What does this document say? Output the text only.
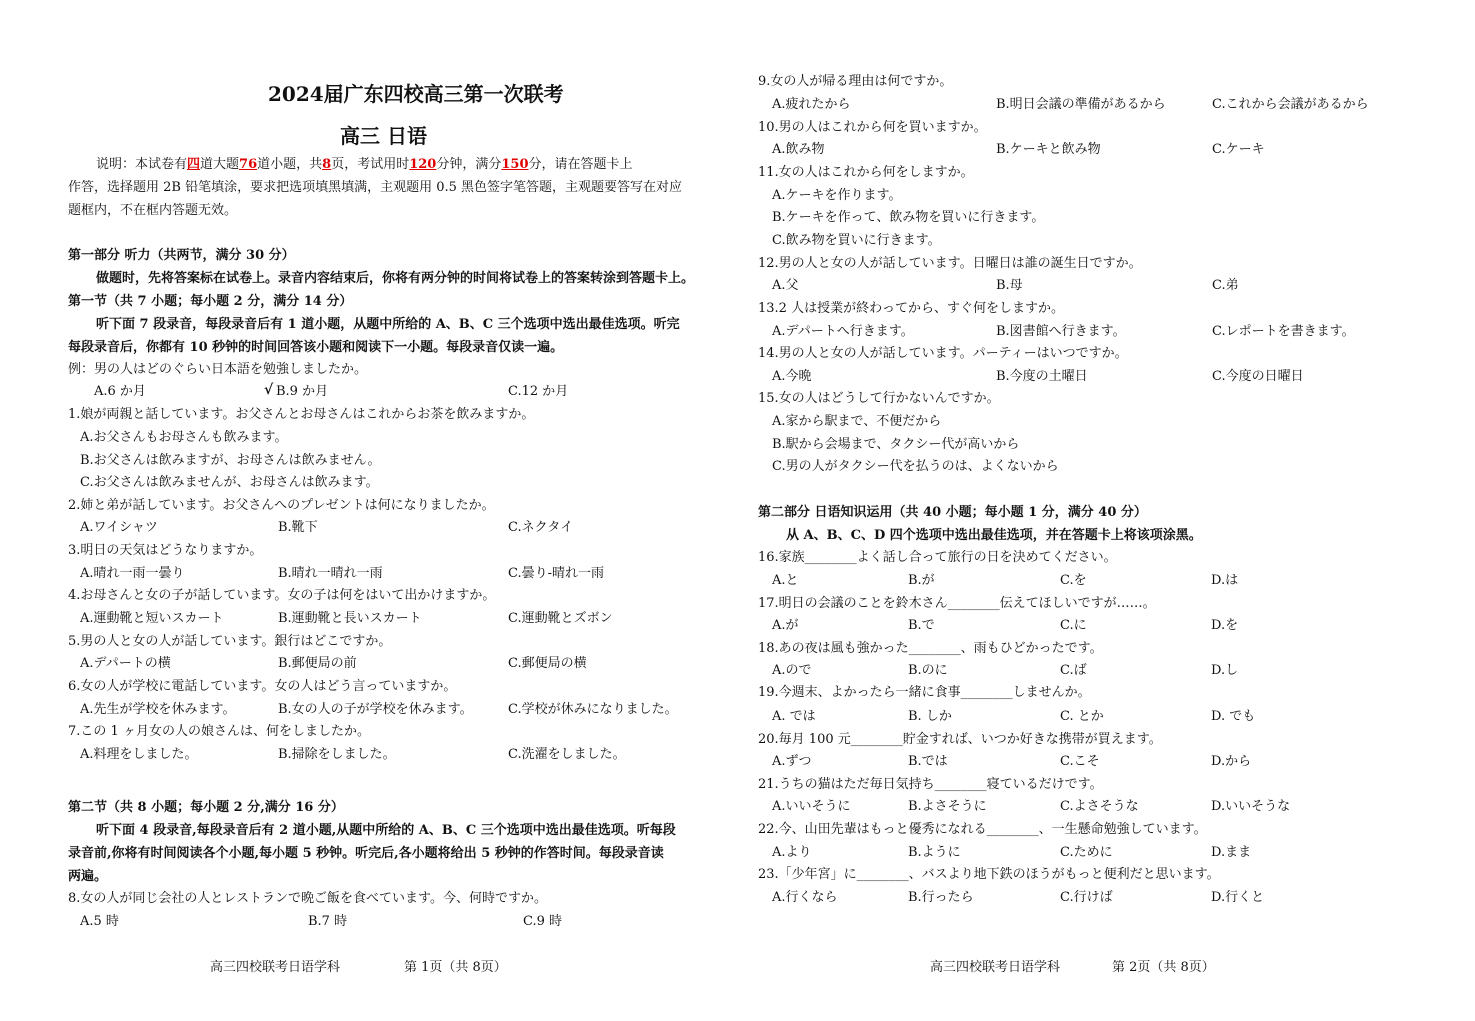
2024届广东四校高三第一次联考
高三 日语
说明：本试卷有四道大题76道小题，共8页，考试用时120分钟，满分150分，请在答题卡上
作答，选择题用 2B 铅笔填涂，要求把选项填黑填满，主观题用 0.5 黑色签字笔答题，主观题要答写在对应
题框内，不在框内答题无效。
第一部分 听力（共两节，满分 30 分）
做题时，先将答案标在试卷上。录音内容结束后，你将有两分钟的时间将试卷上的答案转涂到答题卡上。
第一节（共 7 小题；每小题 2 分，满分 14 分）
听下面 7 段录音，每段录音后有 1 道小题，从题中所给的 A、B、C 三个选项中选出最佳选项。听完
每段录音后，你都有 10 秒钟的时间回答该小题和阅读下一小题。每段录音仅读一遍。
例：男の人はどのぐらい日本語を勉強しましたか。
A.6 か月	√ B.9 か月	C.12 か月
1.娘が両親と話しています。お父さんとお母さんはこれからお茶を飲みますか。
A.お父さんもお母さんも飲みます。
B.お父さんは飲みますが、お母さんは飲みません。
C.お父さんは飲みませんが、お母さんは飲みます。
2.姉と弟が話しています。お父さんへのプレゼントは何になりましたか。
A.ワイシャツ	B.靴下	C.ネクタイ
3.明日の天気はどうなりますか。
A.晴れ一雨一曇り	B.晴れ一晴れ一雨	C.曇り-晴れ一雨
4.お母さんと女の子が話しています。女の子は何をはいて出かけますか。
A.運動靴と短いスカート	B.運動靴と長いスカート	C.運動靴とズボン
5.男の人と女の人が話しています。銀行はどこですか。
A.デパートの横	B.郵便局の前	C.郵便局の横
6.女の人が学校に電話しています。女の人はどう言っていますか。
A.先生が学校を休みます。	B.女の人の子が学校を休みます。	C.学校が休みになりました。
7.この 1 ヶ月女の人の娘さんは、何をしましたか。
A.料理をしました。	B.掃除をしました。	C.洗濯をしました。
第二节（共 8 小题；每小题 2 分,满分 16 分）
听下面 4 段录音,每段录音后有 2 道小题,从题中所给的 A、B、C 三个选项中选出最佳选项。听每段
录音前,你将有时间阅读各个小题,每小题 5 秒钟。听完后,各小题将给出 5 秒钟的作答时间。每段录音读
两遍。
8.女の人が同じ会社の人とレストランで晩ご飯を食べています。今、何時ですか。
A.5 時	B.7 時	C.9 時
高三四校联考日语学科	第 1页（共 8页）
9.女の人が帰る理由は何ですか。
A.疲れたから	B.明日会議の準備があるから	C.これから会議があるから
10.男の人はこれから何を買いますか。
A.飲み物	B.ケーキと飲み物	C.ケーキ
11.女の人はこれから何をしますか。
A.ケーキを作ります。
B.ケーキを作って、飲み物を買いに行きます。
C.飲み物を買いに行きます。
12.男の人と女の人が話しています。日曜日は誰の誕生日ですか。
A.父	B.母	C.弟
13.2 人は授業が終わってから、すぐ何をしますか。
A.デパートへ行きます。	B.図書館へ行きます。	C.レポートを書きます。
14.男の人と女の人が話しています。パーティーはいつですか。
A.今晩	B.今度の土曜日	C.今度の日曜日
15.女の人はどうして行かないんですか。
A.家から駅まで、不便だから
B.駅から会場まで、タクシー代が高いから
C.男の人がタクシー代を払うのは、よくないから
第二部分 日语知识运用（共 40 小题；每小题 1 分，满分 40 分）
从 A、B、C、D 四个选项中选出最佳选项，并在答题卡上将该项涂黑。
16.家族________よく話し合って旅行の日を決めてください。
A.と	B.が	C.を	D.は
17.明日の会議のことを鈴木さん________伝えてほしいですが……。
A.が	B.で	C.に	D.を
18.あの夜は風も強かった________、雨もひどかったです。
A.ので	B.のに	C.ば	D.し
19.今週末、よかったら一緒に食事________しませんか。
A. では	B. しか	C. とか	D. でも
20.毎月 100 元________貯金すれば、いつか好きな携帯が買えます。
A.ずつ	B.では	C.こそ	D.から
21.うちの猫はただ毎日気持ち________寝ているだけです。
A.いいそうに	B.よさそうに	C.よさそうな	D.いいそうな
22.今、山田先輩はもっと優秀になれる________、一生懸命勉強しています。
A.より	B.ように	C.ために	D.まま
23.「少年宮」に________、バスより地下鉄のほうがもっと便利だと思います。
A.行くなら	B.行ったら	C.行けば	D.行くと
高三四校联考日语学科	第 2页（共 8页）
